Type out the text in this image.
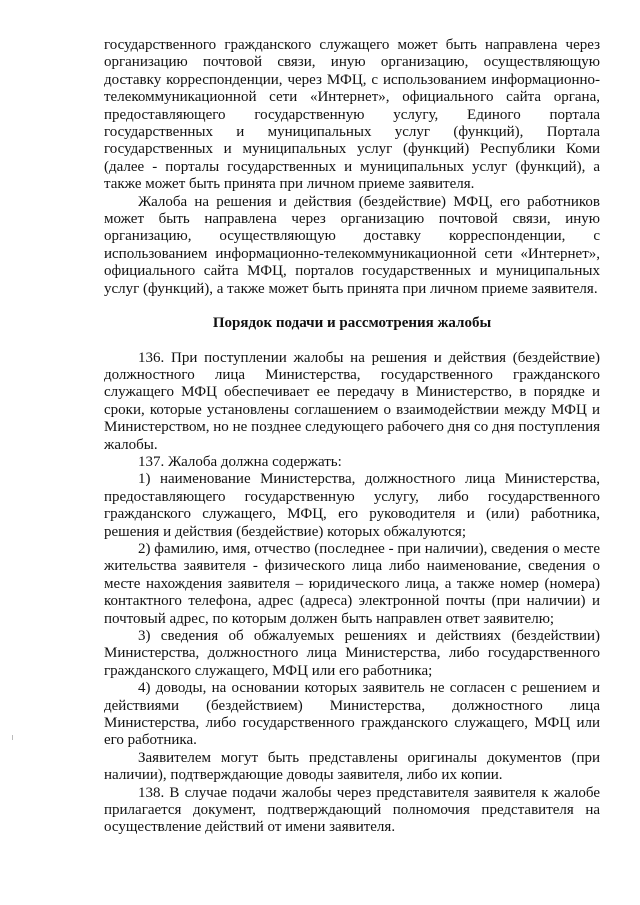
государственного гражданского служащего может быть направлена через организацию почтовой связи, иную организацию, осуществляющую доставку корреспонденции, через МФЦ, с использованием информационно-телекоммуникационной сети «Интернет», официального сайта органа, предоставляющего государственную услугу, Единого портала государственных и муниципальных услуг (функций), Портала государственных и муниципальных услуг (функций) Республики Коми (далее - порталы государственных и муниципальных услуг (функций), а также может быть принята при личном приеме заявителя.

Жалоба на решения и действия (бездействие) МФЦ, его работников может быть направлена через организацию почтовой связи, иную организацию, осуществляющую доставку корреспонденции, с использованием информационно-телекоммуникационной сети «Интернет», официального сайта МФЦ, порталов государственных и муниципальных услуг (функций), а также может быть принята при личном приеме заявителя.

Порядок подачи и рассмотрения жалобы

136. При поступлении жалобы на решения и действия (бездействие) должностного лица Министерства, государственного гражданского служащего МФЦ обеспечивает ее передачу в Министерство, в порядке и сроки, которые установлены соглашением о взаимодействии между МФЦ и Министерством, но не позднее следующего рабочего дня со дня поступления жалобы.

137. Жалоба должна содержать:

1) наименование Министерства, должностного лица Министерства, предоставляющего государственную услугу, либо государственного гражданского служащего, МФЦ, его руководителя и (или) работника, решения и действия (бездействие) которых обжалуются;

2) фамилию, имя, отчество (последнее - при наличии), сведения о месте жительства заявителя - физического лица либо наименование, сведения о месте нахождения заявителя – юридического лица, а также номер (номера) контактного телефона, адрес (адреса) электронной почты (при наличии) и почтовый адрес, по которым должен быть направлен ответ заявителю;

3) сведения об обжалуемых решениях и действиях (бездействии) Министерства, должностного лица Министерства, либо государственного гражданского служащего, МФЦ или его работника;

4) доводы, на основании которых заявитель не согласен с решением и действиями (бездействием) Министерства, должностного лица Министерства, либо государственного гражданского служащего, МФЦ или его работника.

Заявителем могут быть представлены оригиналы документов (при наличии), подтверждающие доводы заявителя, либо их копии.

138. В случае подачи жалобы через представителя заявителя к жалобе прилагается документ, подтверждающий полномочия представителя на осуществление действий от имени заявителя.
